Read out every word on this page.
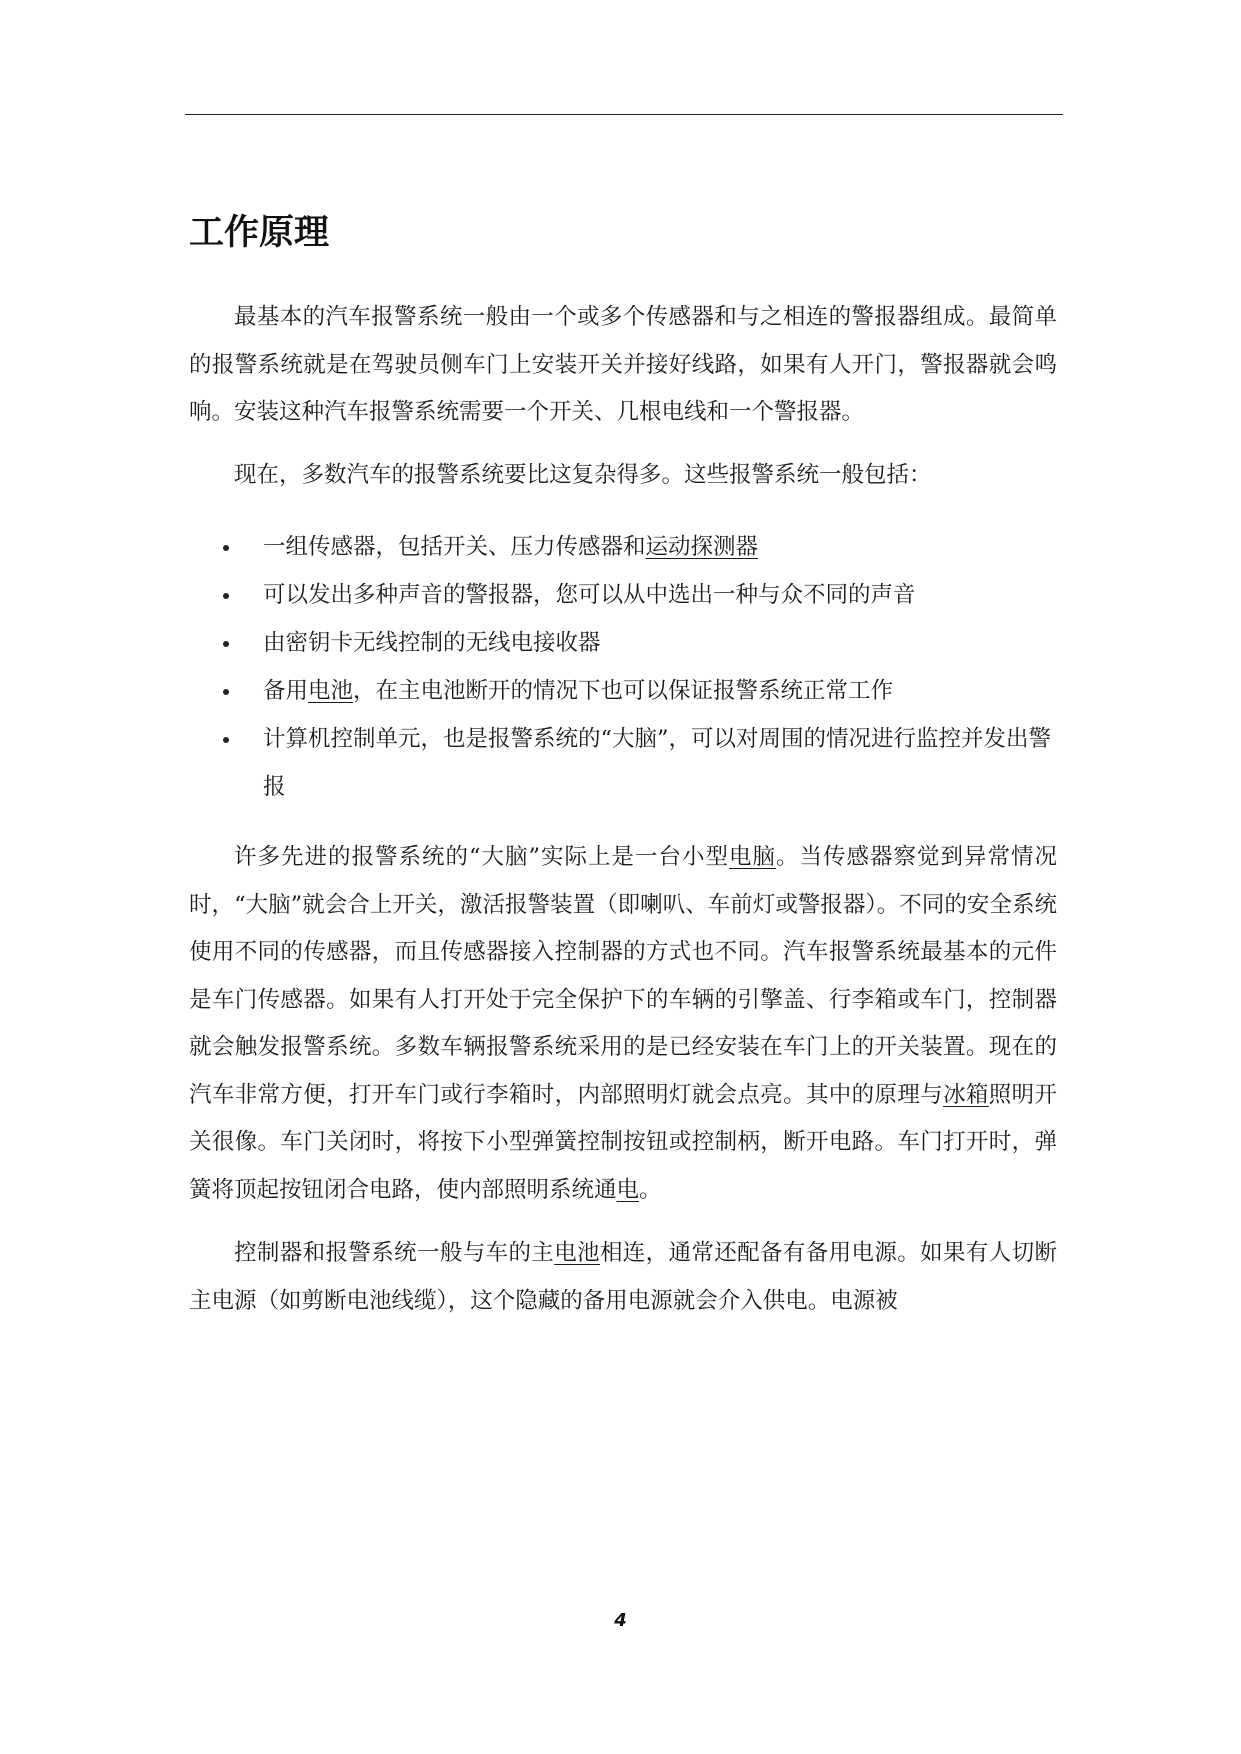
工作原理

最基本的汽车报警系统一般由一个或多个传感器和与之相连的警报器组成。最简单的报警系统就是在驾驶员侧车门上安装开关并接好线路，如果有人开门，警报器就会鸣响。安装这种汽车报警系统需要一个开关、几根电线和一个警报器。

现在，多数汽车的报警系统要比这复杂得多。这些报警系统一般包括：

一组传感器，包括开关、压力传感器和运动探测器
可以发出多种声音的警报器，您可以从中选出一种与众不同的声音
由密钥卡无线控制的无线电接收器
备用电池，在主电池断开的情况下也可以保证报警系统正常工作
计算机控制单元，也是报警系统的“大脑”，可以对周围的情况进行监控并发出警报

许多先进的报警系统的“大脑”实际上是一台小型电脑。当传感器察觉到异常情况时，“大脑”就会合上开关，激活报警装置（即喇叭、车前灯或警报器）。不同的安全系统使用不同的传感器，而且传感器接入控制器的方式也不同。汽车报警系统最基本的元件是车门传感器。如果有人打开处于完全保护下的车辆的引擎盖、行李箱或车门，控制器就会触发报警系统。多数车辆报警系统采用的是已经安装在车门上的开关装置。现在的汽车非常方便，打开车门或行李箱时，内部照明灯就会点亮。其中的原理与冰箱照明开关很像。车门关闭时，将按下小型弹簧控制按钮或控制柄，断开电路。车门打开时，弹簧将顶起按钮闭合电路，使内部照明系统通电。

控制器和报警系统一般与车的主电池相连，通常还配备有备用电源。如果有人切断主电源（如剪断电池线缆），这个隐藏的备用电源就会介入供电。电源被

4
